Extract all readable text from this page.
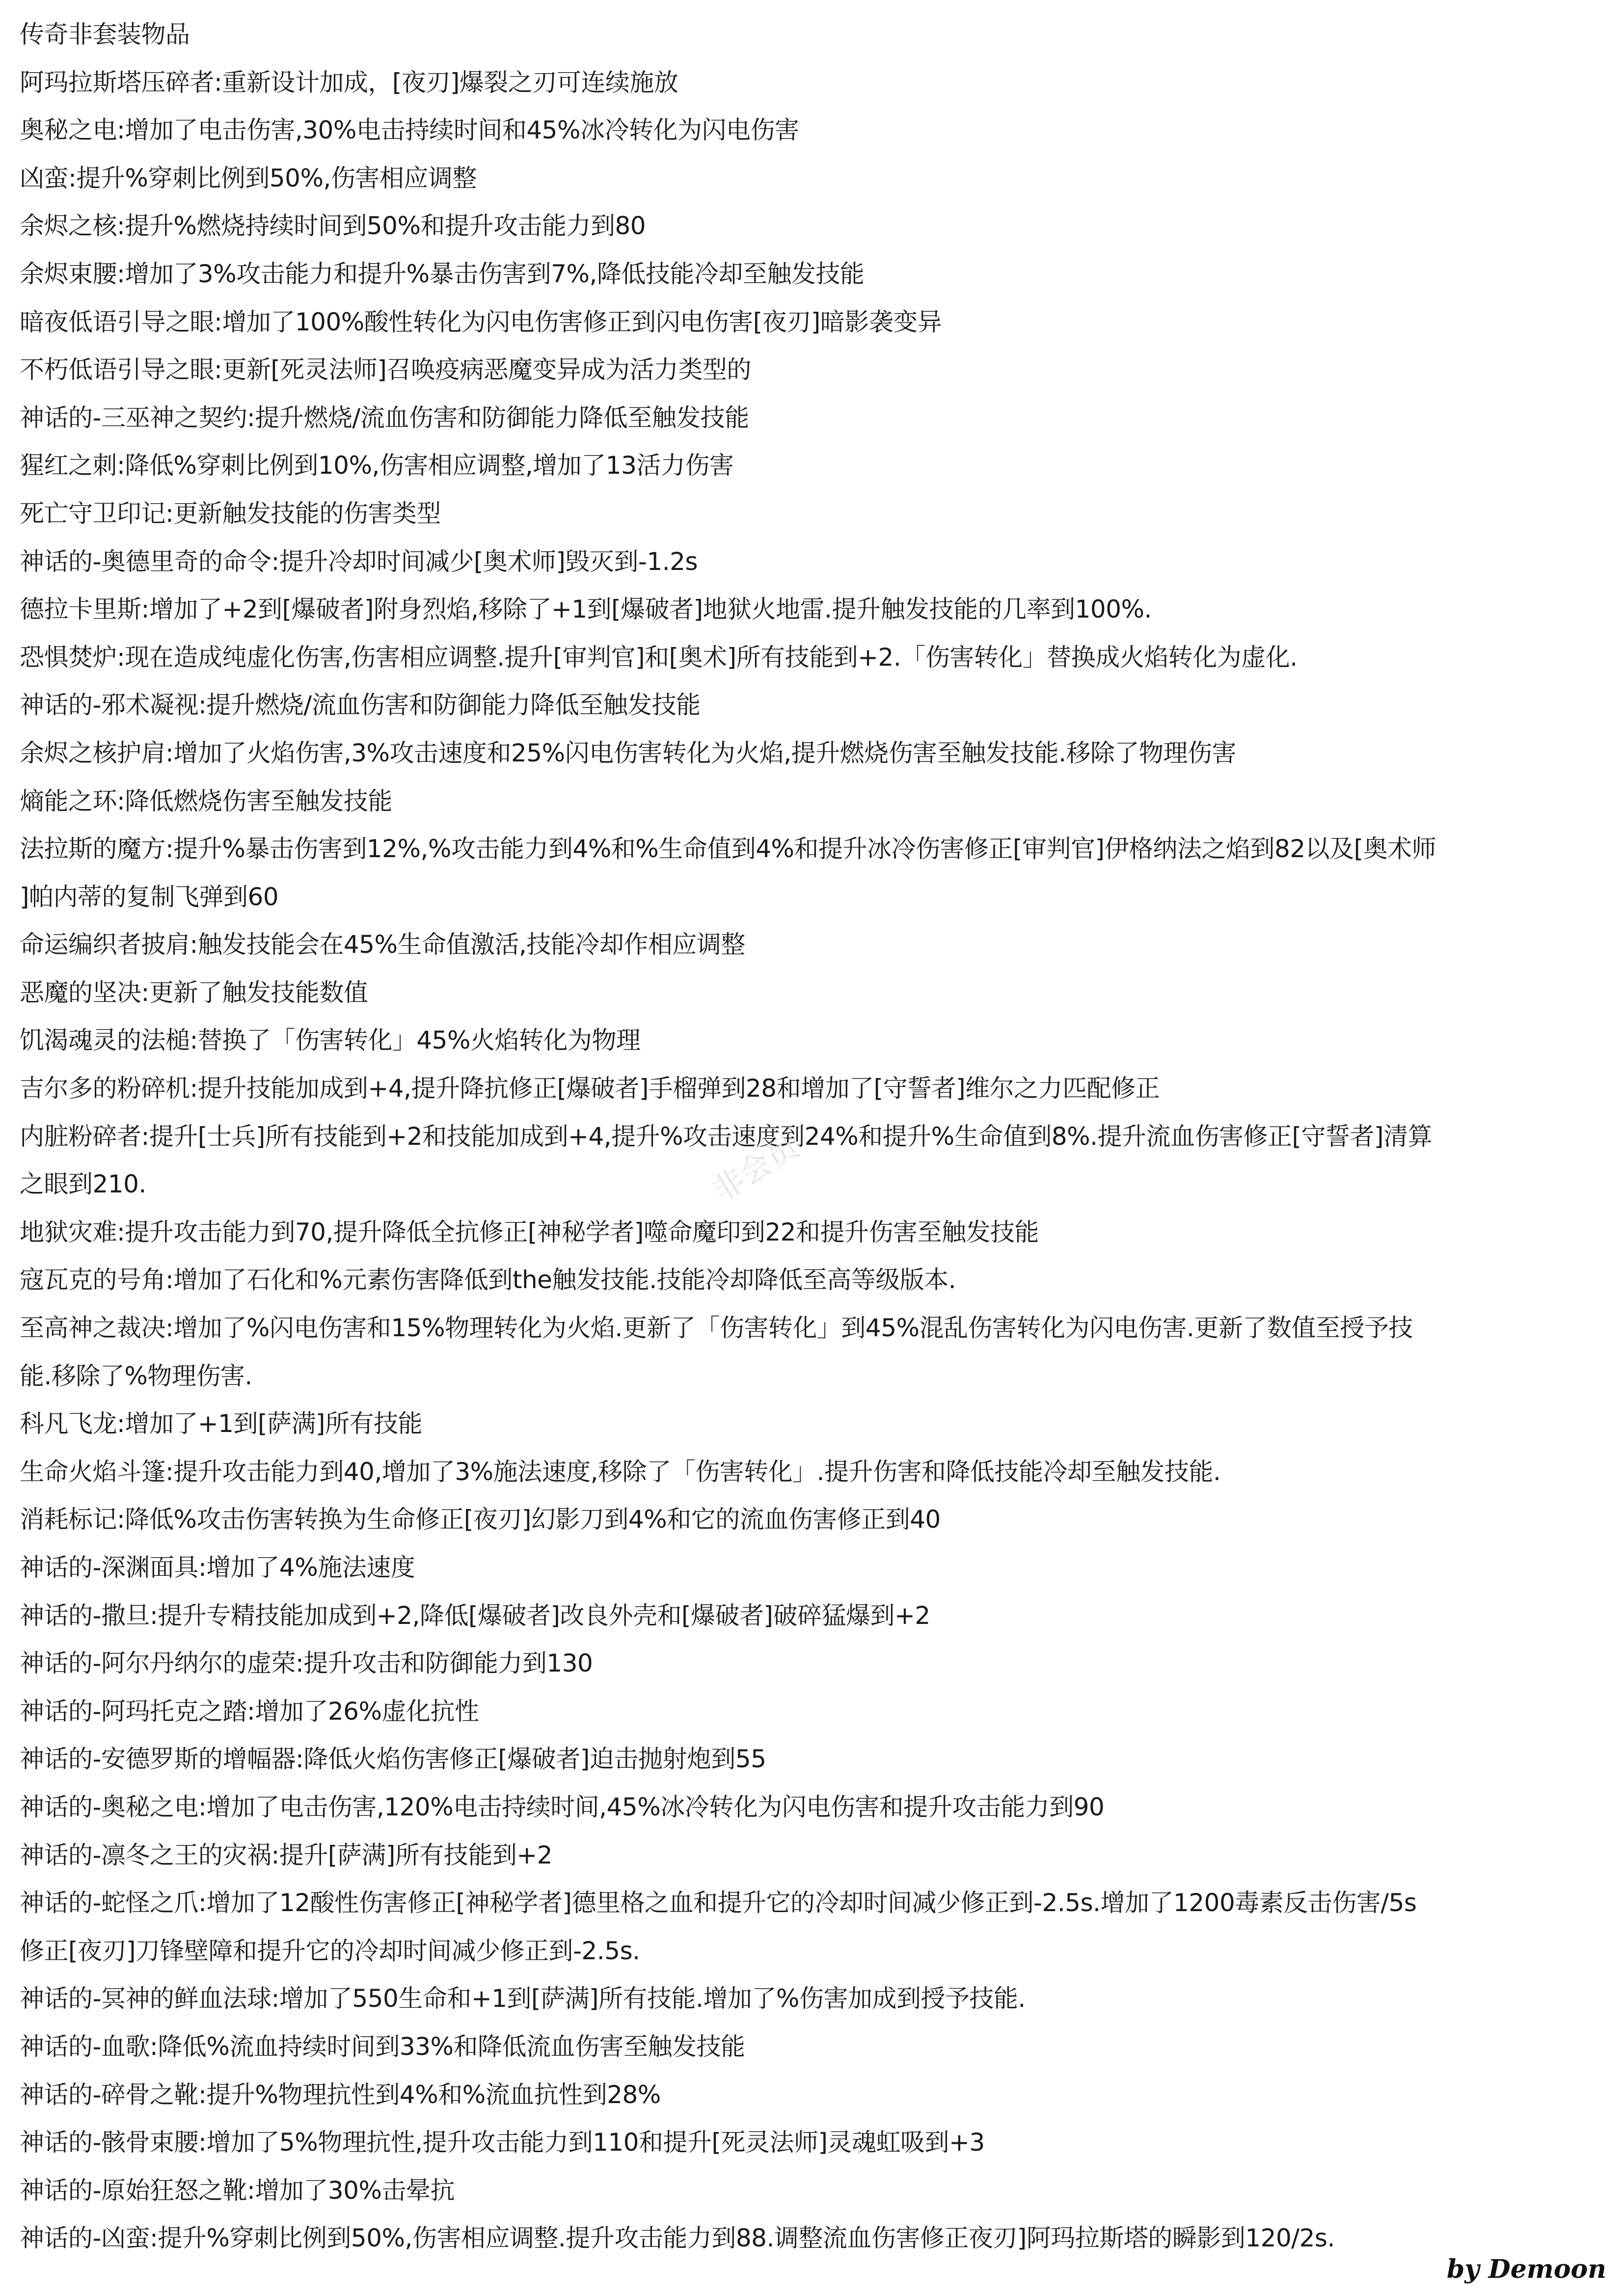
传奇非套装物品
阿玛拉斯塔压碎者:重新设计加成，[夜刃]爆裂之刃可连续施放
奥秘之电:增加了电击伤害,30%电击持续时间和45%冰冷转化为闪电伤害
凶蛮:提升%穿刺比例到50%,伤害相应调整
余烬之核:提升%燃烧持续时间到50%和提升攻击能力到80
余烬束腰:增加了3%攻击能力和提升%暴击伤害到7%,降低技能冷却至触发技能
暗夜低语引导之眼:增加了100%酸性转化为闪电伤害修正到闪电伤害[夜刃]暗影袭变异
不朽低语引导之眼:更新[死灵法师]召唤疫病恶魔变异成为活力类型的
神话的-三巫神之契约:提升燃烧/流血伤害和防御能力降低至触发技能
猩红之刺:降低%穿刺比例到10%,伤害相应调整,增加了13活力伤害
死亡守卫印记:更新触发技能的伤害类型
神话的-奥德里奇的命令:提升冷却时间减少[奥术师]毁灭到-1.2s
德拉卡里斯:增加了+2到[爆破者]附身烈焰,移除了+1到[爆破者]地狱火地雷.提升触发技能的几率到100%.
恐惧焚炉:现在造成纯虚化伤害,伤害相应调整.提升[审判官]和[奥术]所有技能到+2.「伤害转化」替换成火焰转化为虚化.
神话的-邪术凝视:提升燃烧/流血伤害和防御能力降低至触发技能
余烬之核护肩:增加了火焰伤害,3%攻击速度和25%闪电伤害转化为火焰,提升燃烧伤害至触发技能.移除了物理伤害
熵能之环:降低燃烧伤害至触发技能
法拉斯的魔方:提升%暴击伤害到12%,%攻击能力到4%和%生命值到4%和提升冰冷伤害修正[审判官]伊格纳法之焰到82以及[奥术师
]帕内蒂的复制飞弹到60
命运编织者披肩:触发技能会在45%生命值激活,技能冷却作相应调整
恶魔的坚决:更新了触发技能数值
饥渴魂灵的法槌:替换了「伤害转化」45%火焰转化为物理
吉尔多的粉碎机:提升技能加成到+4,提升降抗修正[爆破者]手榴弹到28和增加了[守誓者]维尔之力匹配修正
内脏粉碎者:提升[士兵]所有技能到+2和技能加成到+4,提升%攻击速度到24%和提升%生命值到8%.提升流血伤害修正[守誓者]清算
之眼到210.
地狱灾难:提升攻击能力到70,提升降低全抗修正[神秘学者]噬命魔印到22和提升伤害至触发技能
寇瓦克的号角:增加了石化和%元素伤害降低到the触发技能.技能冷却降低至高等级版本.
至高神之裁决:增加了%闪电伤害和15%物理转化为火焰.更新了「伤害转化」到45%混乱伤害转化为闪电伤害.更新了数值至授予技
能.移除了%物理伤害.
科凡飞龙:增加了+1到[萨满]所有技能
生命火焰斗篷:提升攻击能力到40,增加了3%施法速度,移除了「伤害转化」.提升伤害和降低技能冷却至触发技能.
消耗标记:降低%攻击伤害转换为生命修正[夜刃]幻影刀到4%和它的流血伤害修正到40
神话的-深渊面具:增加了4%施法速度
神话的-撒旦:提升专精技能加成到+2,降低[爆破者]改良外壳和[爆破者]破碎猛爆到+2
神话的-阿尔丹纳尔的虚荣:提升攻击和防御能力到130
神话的-阿玛托克之踏:增加了26%虚化抗性
神话的-安德罗斯的增幅器:降低火焰伤害修正[爆破者]迫击抛射炮到55
神话的-奥秘之电:增加了电击伤害,120%电击持续时间,45%冰冷转化为闪电伤害和提升攻击能力到90
神话的-凛冬之王的灾祸:提升[萨满]所有技能到+2
神话的-蛇怪之爪:增加了12酸性伤害修正[神秘学者]德里格之血和提升它的冷却时间减少修正到-2.5s.增加了1200毒素反击伤害/5s
修正[夜刃]刀锋壁障和提升它的冷却时间减少修正到-2.5s.
神话的-冥神的鲜血法球:增加了550生命和+1到[萨满]所有技能.增加了%伤害加成到授予技能.
神话的-血歌:降低%流血持续时间到33%和降低流血伤害至触发技能
神话的-碎骨之靴:提升%物理抗性到4%和%流血抗性到28%
神话的-骸骨束腰:增加了5%物理抗性,提升攻击能力到110和提升[死灵法师]灵魂虹吸到+3
神话的-原始狂怒之靴:增加了30%击晕抗
神话的-凶蛮:提升%穿刺比例到50%,伤害相应调整.提升攻击能力到88.调整流血伤害修正夜刃]阿玛拉斯塔的瞬影到120/2s.
非会员
by Demoon
